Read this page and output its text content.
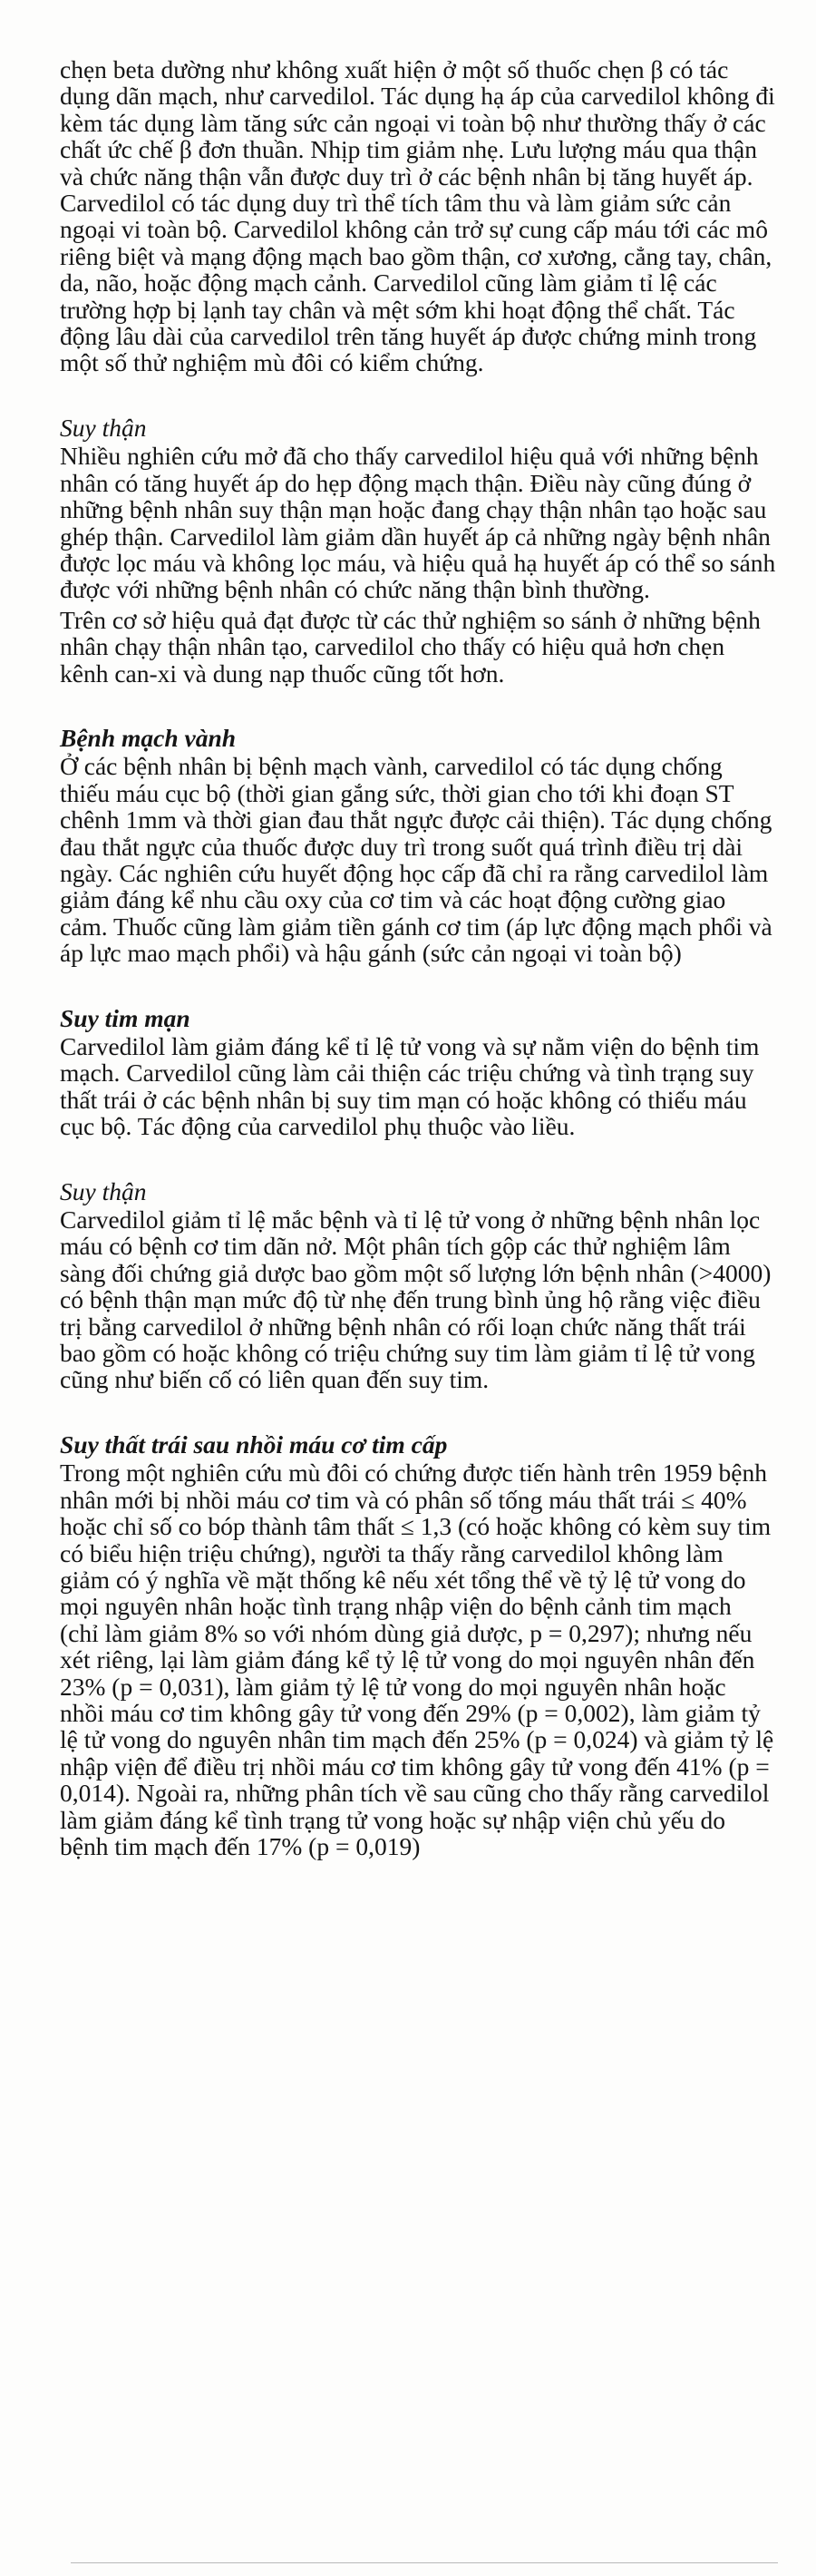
chẹn beta dường như không xuất hiện ở một số thuốc chẹn β có tác dụng dãn mạch, như carvedilol. Tác dụng hạ áp của carvedilol không đi kèm tác dụng làm tăng sức cản ngoại vi toàn bộ như thường thấy ở các chất ức chế β đơn thuần. Nhịp tim giảm nhẹ. Lưu lượng máu qua thận và chức năng thận vẫn được duy trì ở các bệnh nhân bị tăng huyết áp. Carvedilol có tác dụng duy trì thể tích tâm thu và làm giảm sức cản ngoại vi toàn bộ. Carvedilol không cản trở sự cung cấp máu tới các mô riêng biệt và mạng động mạch bao gồm thận, cơ xương, cẳng tay, chân, da, não, hoặc động mạch cảnh. Carvedilol cũng làm giảm tỉ lệ các trường hợp bị lạnh tay chân và mệt sớm khi hoạt động thể chất. Tác động lâu dài của carvedilol trên tăng huyết áp được chứng minh trong một số thử nghiệm mù đôi có kiểm chứng.

Suy thận

Nhiều nghiên cứu mở đã cho thấy carvedilol hiệu quả với những bệnh nhân có tăng huyết áp do hẹp động mạch thận. Điều này cũng đúng ở những bệnh nhân suy thận mạn hoặc đang chạy thận nhân tạo hoặc sau ghép thận. Carvedilol làm giảm dần huyết áp cả những ngày bệnh nhân được lọc máu và không lọc máu, và hiệu quả hạ huyết áp có thể so sánh được với những bệnh nhân có chức năng thận bình thường.

Trên cơ sở hiệu quả đạt được từ các thử nghiệm so sánh ở những bệnh nhân chạy thận nhân tạo, carvedilol cho thấy có hiệu quả hơn chẹn kênh can-xi và dung nạp thuốc cũng tốt hơn.

Bệnh mạch vành

Ở các bệnh nhân bị bệnh mạch vành, carvedilol có tác dụng chống thiếu máu cục bộ (thời gian gắng sức, thời gian cho tới khi đoạn ST chênh 1mm và thời gian đau thắt ngực được cải thiện). Tác dụng chống đau thắt ngực của thuốc được duy trì trong suốt quá trình điều trị dài ngày. Các nghiên cứu huyết động học cấp đã chỉ ra rằng carvedilol làm giảm đáng kể nhu cầu oxy của cơ tim và các hoạt động cường giao cảm. Thuốc cũng làm giảm tiền gánh cơ tim (áp lực động mạch phổi và áp lực mao mạch phổi) và hậu gánh (sức cản ngoại vi toàn bộ)

Suy tim mạn

Carvedilol làm giảm đáng kể tỉ lệ tử vong và sự nằm viện do bệnh tim mạch. Carvedilol cũng làm cải thiện các triệu chứng và tình trạng suy thất trái ở các bệnh nhân bị suy tim mạn có hoặc không có thiếu máu cục bộ. Tác động của carvedilol phụ thuộc vào liều.

Suy thận

Carvedilol giảm tỉ lệ mắc bệnh và tỉ lệ tử vong ở những bệnh nhân lọc máu có bệnh cơ tim dãn nở. Một phân tích gộp các thử nghiệm lâm sàng đối chứng giả dược bao gồm một số lượng lớn bệnh nhân (>4000) có bệnh thận mạn mức độ từ nhẹ đến trung bình ủng hộ rằng việc điều trị bằng carvedilol ở những bệnh nhân có rối loạn chức năng thất trái bao gồm có hoặc không có triệu chứng suy tim làm giảm tỉ lệ tử vong cũng như biến cố có liên quan đến suy tim.

Suy thất trái sau nhồi máu cơ tim cấp

Trong một nghiên cứu mù đôi có chứng được tiến hành trên 1959 bệnh nhân mới bị nhồi máu cơ tim và có phân số tống máu thất trái ≤ 40% hoặc chỉ số co bóp thành tâm thất ≤ 1,3 (có hoặc không có kèm suy tim có biểu hiện triệu chứng), người ta thấy rằng carvedilol không làm giảm có ý nghĩa về mặt thống kê nếu xét tổng thể về tỷ lệ tử vong do mọi nguyên nhân hoặc tình trạng nhập viện do bệnh cảnh tim mạch (chỉ làm giảm 8% so với nhóm dùng giả dược, p = 0,297); nhưng nếu xét riêng, lại làm giảm đáng kể tỷ lệ tử vong do mọi nguyên nhân đến 23% (p = 0,031), làm giảm tỷ lệ tử vong do mọi nguyên nhân hoặc nhồi máu cơ tim không gây tử vong đến 29% (p = 0,002), làm giảm tỷ lệ tử vong do nguyên nhân tim mạch đến 25% (p = 0,024) và giảm tỷ lệ nhập viện để điều trị nhồi máu cơ tim không gây tử vong đến 41% (p = 0,014). Ngoài ra, những phân tích về sau cũng cho thấy rằng carvedilol làm giảm đáng kể tình trạng tử vong hoặc sự nhập viện chủ yếu do bệnh tim mạch đến 17% (p = 0,019)
